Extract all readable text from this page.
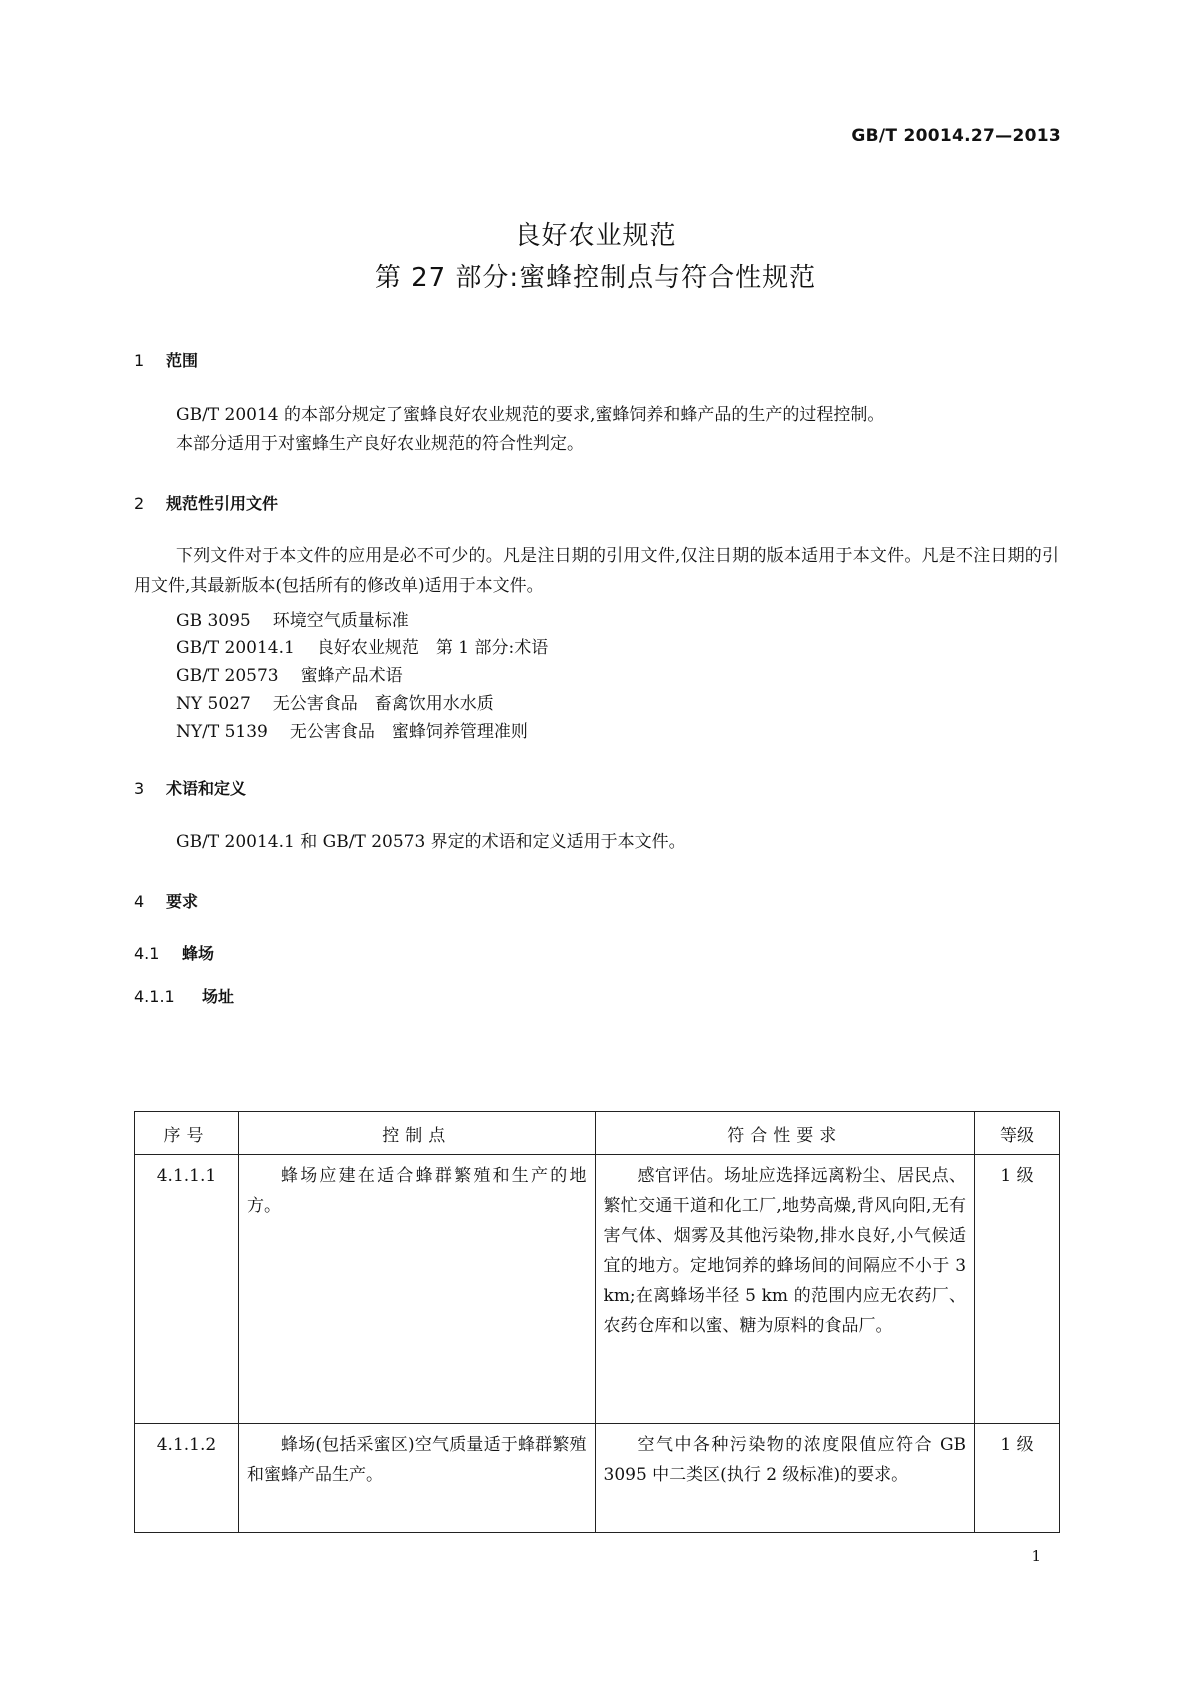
GB/T 20014.27—2013
良好农业规范
第 27 部分:蜜蜂控制点与符合性规范
1 范围
GB/T 20014 的本部分规定了蜜蜂良好农业规范的要求,蜜蜂饲养和蜂产品的生产的过程控制。
本部分适用于对蜜蜂生产良好农业规范的符合性判定。
2 规范性引用文件
下列文件对于本文件的应用是必不可少的。凡是注日期的引用文件,仅注日期的版本适用于本文件。凡是不注日期的引用文件,其最新版本(包括所有的修改单)适用于本文件。
GB 3095 环境空气质量标准
GB/T 20014.1 良好农业规范　第 1 部分:术语
GB/T 20573 蜜蜂产品术语
NY 5027 无公害食品　畜禽饮用水水质
NY/T 5139 无公害食品　蜜蜂饲养管理准则
3 术语和定义
GB/T 20014.1 和 GB/T 20573 界定的术语和定义适用于本文件。
4 要求
4.1 蜂场
4.1.1 场址
序号	控制点	符合性要求	等级
4.1.1.1	蜂场应建在适合蜂群繁殖和生产的地方。	感官评估。场址应选择远离粉尘、居民点、繁忙交通干道和化工厂,地势高燥,背风向阳,无有害气体、烟雾及其他污染物,排水良好,小气候适宜的地方。定地饲养的蜂场间的间隔应不小于 3 km;在离蜂场半径 5 km 的范围内应无农药厂、农药仓库和以蜜、糖为原料的食品厂。	1 级
4.1.1.2	蜂场(包括采蜜区)空气质量适于蜂群繁殖和蜜蜂产品生产。	空气中各种污染物的浓度限值应符合 GB 3095 中二类区(执行 2 级标准)的要求。	1 级
1
